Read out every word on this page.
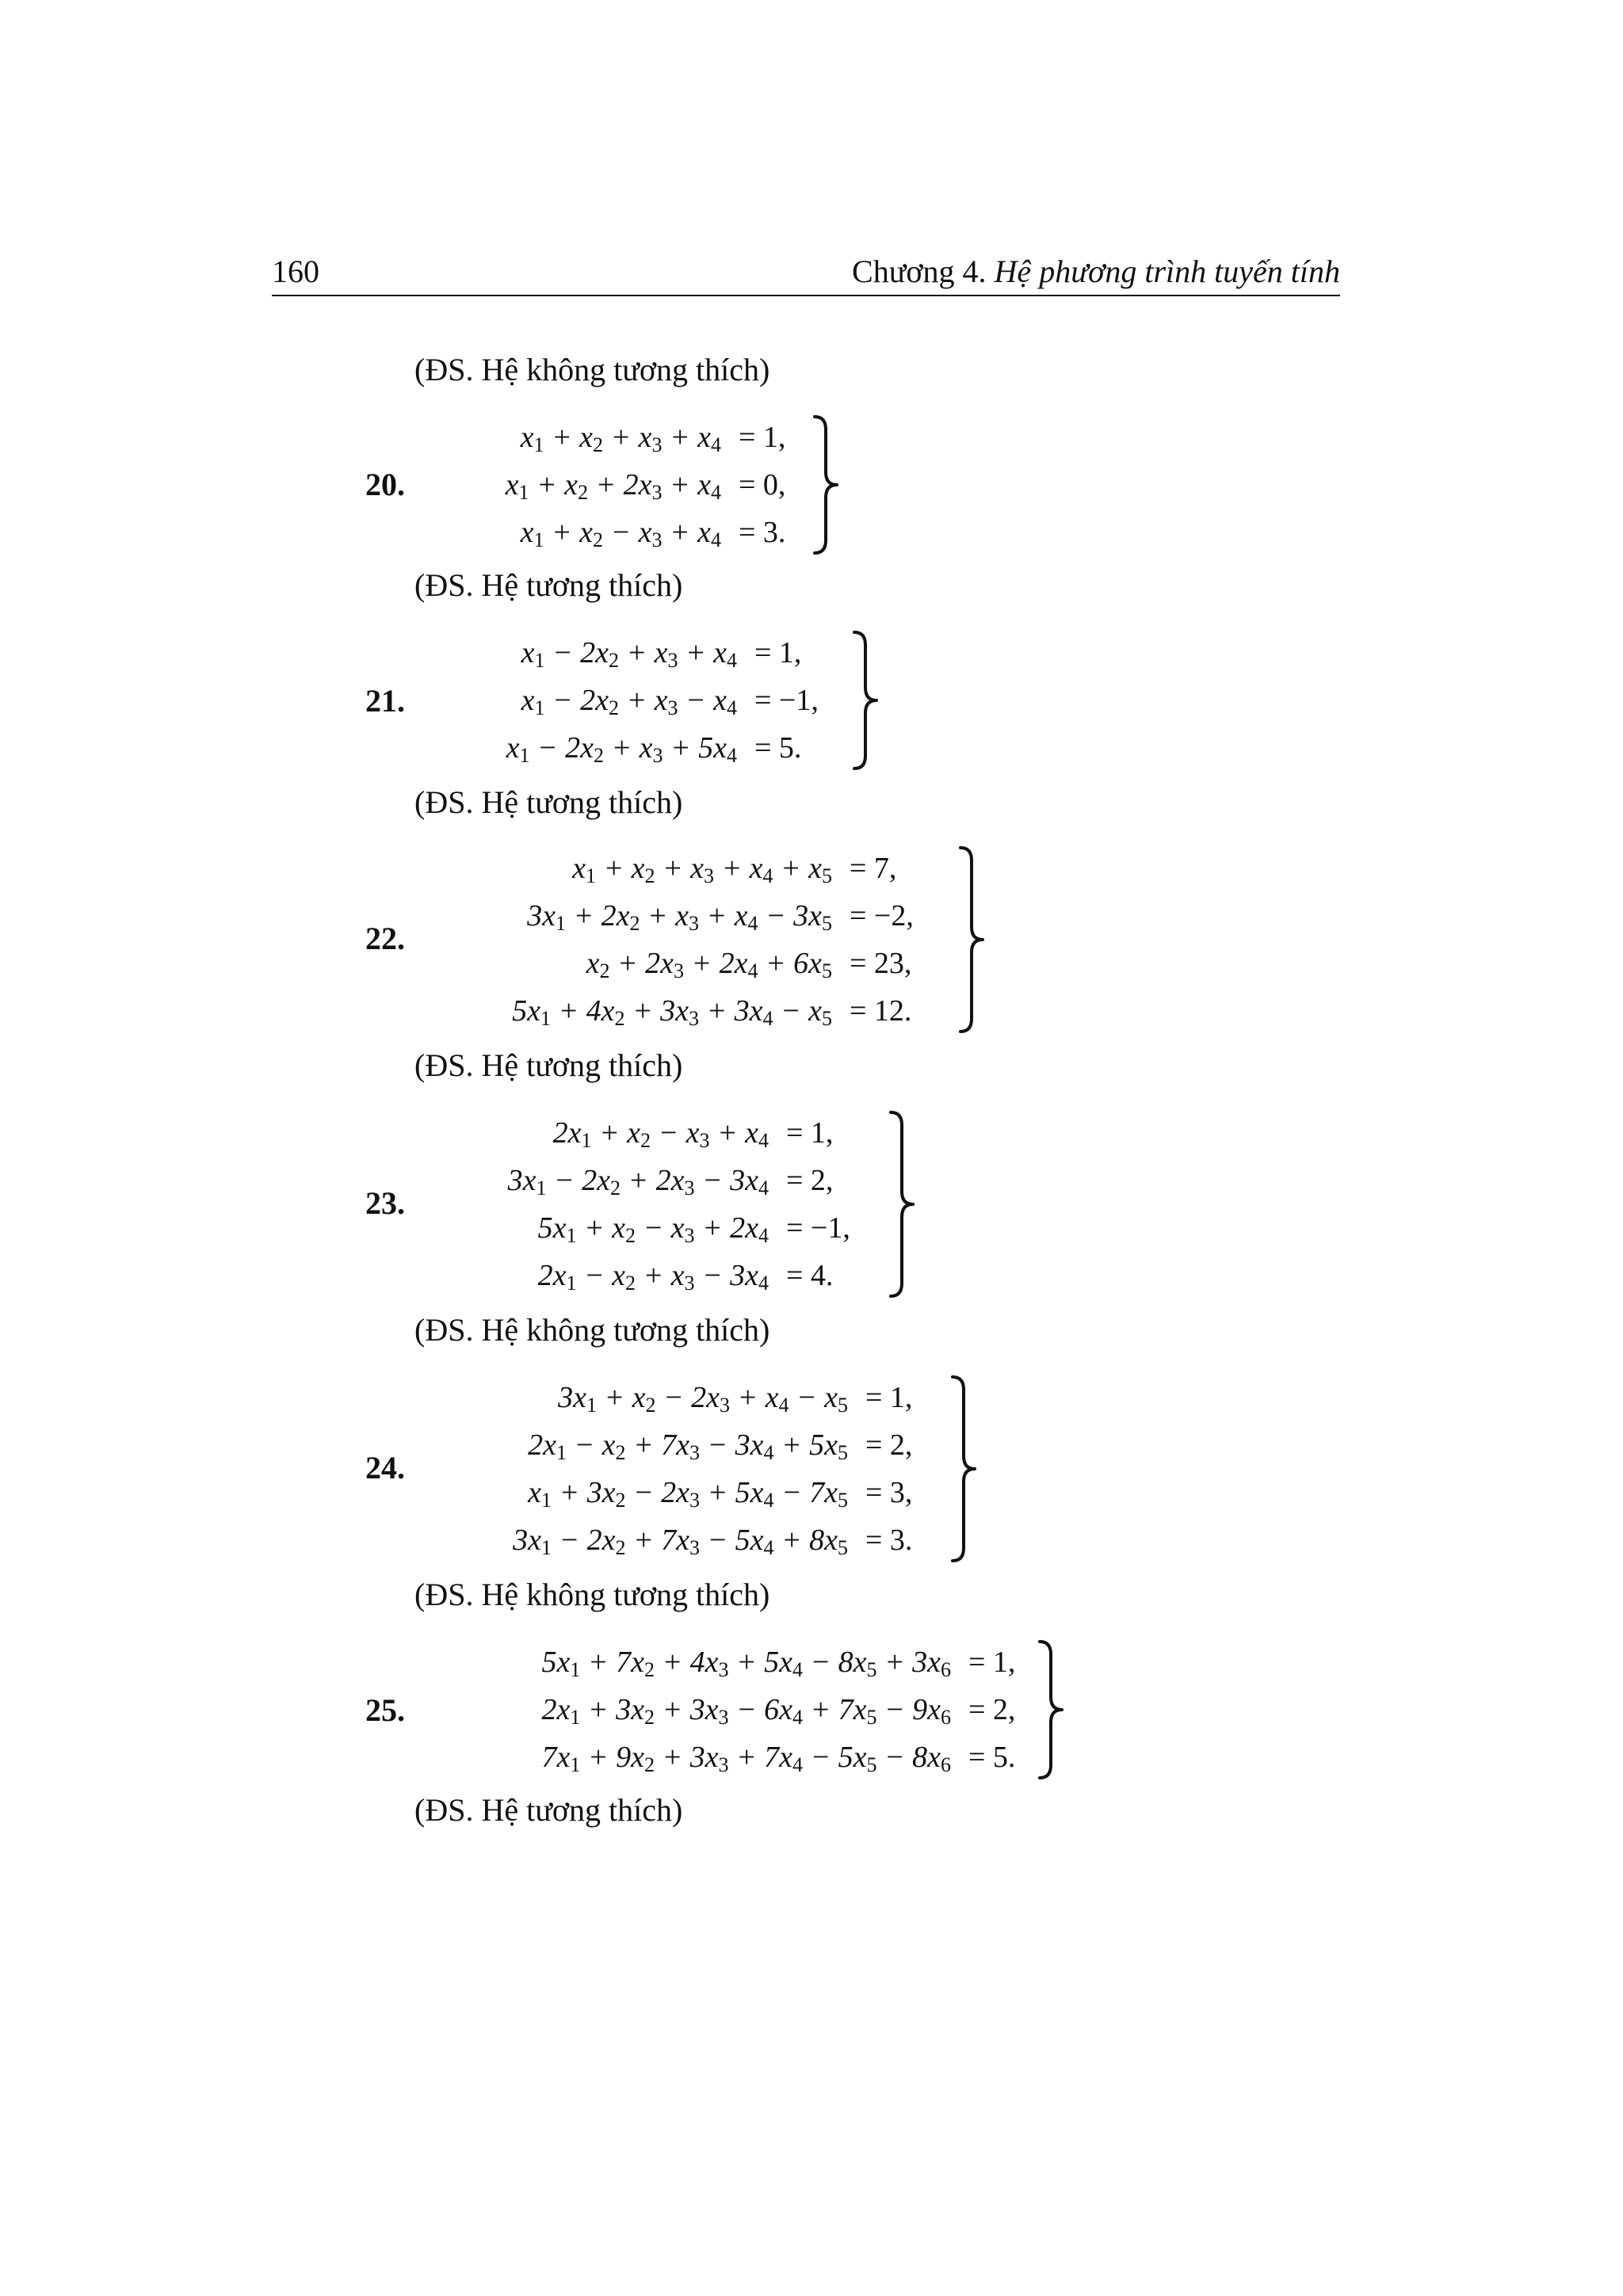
160	Chương 4. Hệ phương trình tuyến tính
(ĐS. Hệ không tương thích)
20.
$x_1 + x_2 + x_3 + x_4 = 1$,
$x_1 + x_2 + 2x_3 + x_4 = 0$,
$x_1 + x_2 - x_3 + x_4 = 3$.
(ĐS. Hệ tương thích)
21.
$x_1 - 2x_2 + x_3 + x_4 = 1$,
$x_1 - 2x_2 + x_3 - x_4 = -1$,
$x_1 - 2x_2 + x_3 + 5x_4 = 5$.
(ĐS. Hệ tương thích)
22.
$x_1 + x_2 + x_3 + x_4 + x_5 = 7$,
$3x_1 + 2x_2 + x_3 + x_4 - 3x_5 = -2$,
$x_2 + 2x_3 + 2x_4 + 6x_5 = 23$,
$5x_1 + 4x_2 + 3x_3 + 3x_4 - x_5 = 12$.
(ĐS. Hệ tương thích)
23.
$2x_1 + x_2 - x_3 + x_4 = 1$,
$3x_1 - 2x_2 + 2x_3 - 3x_4 = 2$,
$5x_1 + x_2 - x_3 + 2x_4 = -1$,
$2x_1 - x_2 + x_3 - 3x_4 = 4$.
(ĐS. Hệ không tương thích)
24.
$3x_1 + x_2 - 2x_3 + x_4 - x_5 = 1$,
$2x_1 - x_2 + 7x_3 - 3x_4 + 5x_5 = 2$,
$x_1 + 3x_2 - 2x_3 + 5x_4 - 7x_5 = 3$,
$3x_1 - 2x_2 + 7x_3 - 5x_4 + 8x_5 = 3$.
(ĐS. Hệ không tương thích)
25.
$5x_1 + 7x_2 + 4x_3 + 5x_4 - 8x_5 + 3x_6 = 1$,
$2x_1 + 3x_2 + 3x_3 - 6x_4 + 7x_5 - 9x_6 = 2$,
$7x_1 + 9x_2 + 3x_3 + 7x_4 - 5x_5 - 8x_6 = 5$.
(ĐS. Hệ tương thích)
